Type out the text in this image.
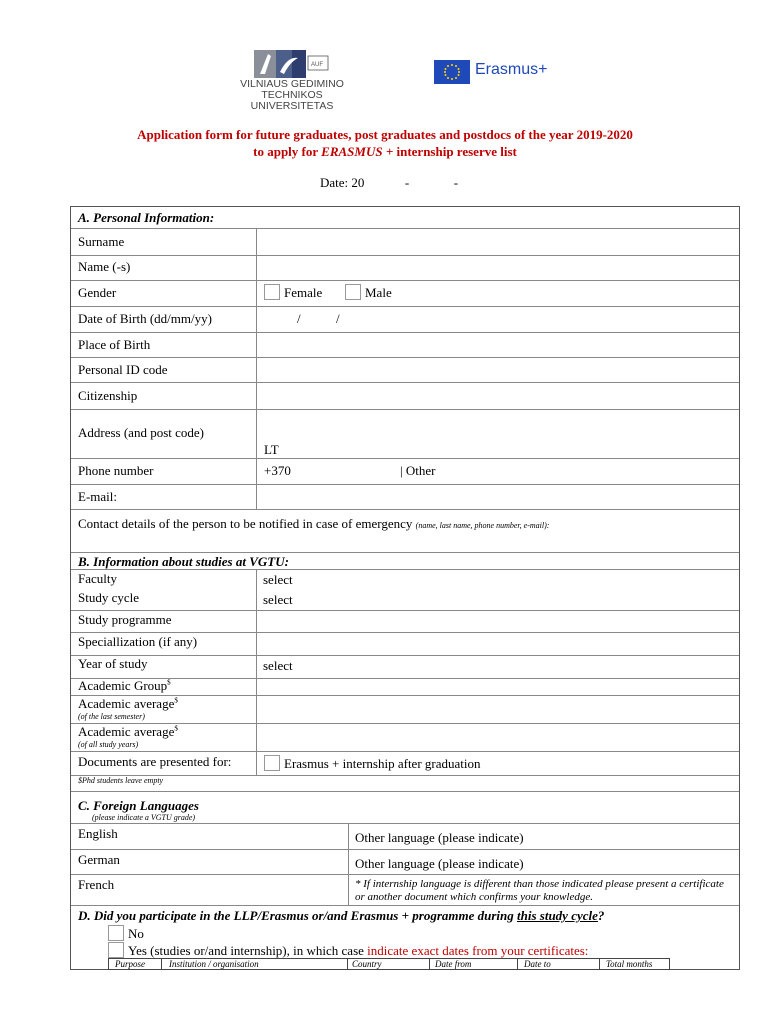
AUF
VILNIAUS GEDIMINO
TECHNIKOS UNIVERSITETAS
Erasmus+
Application form for future graduates, post graduates and postdocs of the year 2019-2020
to apply for ERASMUS + internship reserve list
Date: 20	-	-
A. Personal Information:
Surname
Name (-s)
Gender	Female	Male
Date of Birth (dd/mm/yy)	/	/
Place of Birth
Personal ID code
Citizenship
Address (and post code)
LT
Phone number	+370	| Other
E-mail:
Contact details of the person to be notified in case of emergency (name, last name, phone number, e-mail):
B. Information about studies at VGTU:
Faculty	select
Study cycle	select
Study programme
Speciallization (if any)
Year of study	select
Academic Group$
Academic average$
(of the last semester)
Academic average$
(of all study years)
Documents are presented for:	Erasmus + internship after graduation
$Phd students leave empty
C. Foreign Languages
(please indicate a VGTU grade)
English	Other language (please indicate)
German	Other language (please indicate)
French	* If internship language is different than those indicated please present a certificate or another document which confirms your knowledge.
D. Did you participate in the LLP/Erasmus or/and Erasmus + programme during this study cycle?
No
Yes (studies or/and internship), in which case indicate exact dates from your certificates:
Purpose	Institution / organisation	Country	Date from	Date to	Total months
